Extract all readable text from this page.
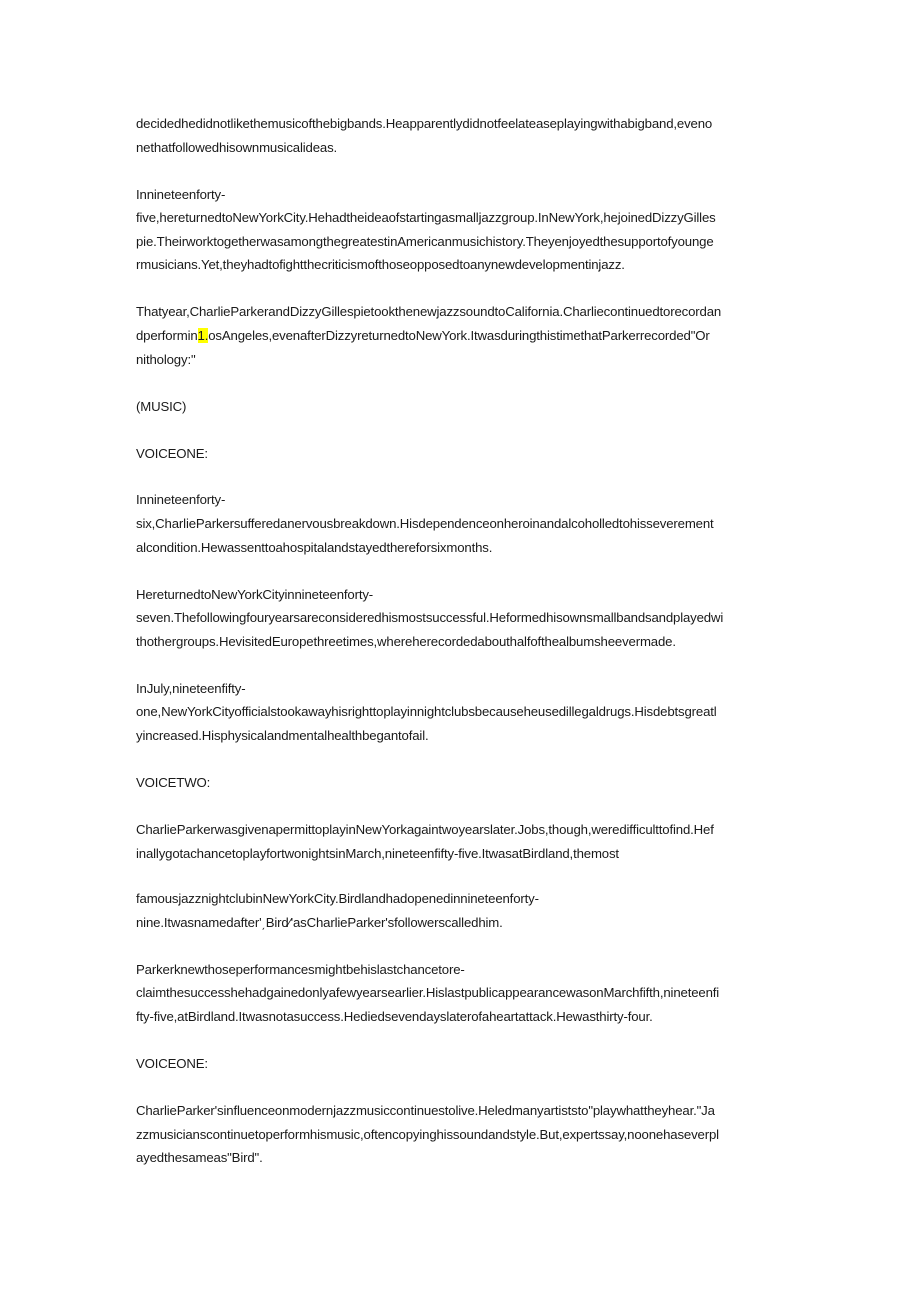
decidedhedidnotlikethemusicofthebigbands.Heapparentlydidnotfeelateaseplayingwithabigband,eveno
nethatfollowedhisownmusicalideas.

Innineteenforty-
five,hereturnedtoNewYorkCity.Hehadtheideaofstartingasmalljazzgroup.InNewYork,hejoinedDizzyGilles
pie.TheirworktogetherwasamongthegreatestinAmericanmusichistory.Theyenjoyedthesupportofyounge
rmusicians.Yet,theyhadtofightthecriticismofthoseopposedtoanynewdevelopmentinjazz.

Thatyear,CharlieParkerandDizzyGillespietookthenewjazzsoundtoCalifornia.Charliecontinuedtorecordan
dperformin1.osAngeles,evenafterDizzyreturnedtoNewYork.ItwasduringthistimethatParkerrecorded"Or
nithology:"

(MUSIC)

VOICEONE:

Innineteenforty-
six,CharlieParkersufferedanervousbreakdown.Hisdependenceonheroinandalcoholledtohisseverement
alcondition.Hewassenttoahospitalandstayedthereforsixmonths.

HereturnedtoNewYorkCityinnineteenforty-
seven.Thefollowingfouryearsareconsideredhismostsuccessful.Heformedhisownsmallbandsandplayedwi
thothergroups.HevisitedEuropethreetimes,whereherecordedabouthalfofthealbumsheevermade.

InJuly,nineteenfifty-
one,NewYorkCityofficialstookawayhisrighttoplayinnightclubsbecauseheusedillegaldrugs.Hisdebtsgreatl
yincreased.Hisphysicalandmentalhealthbegantofail.

VOICETWO:

CharlieParkerwasgivenapermittoplayinNewYorkagaintwoyearslater.Jobs,though,weredifficulttofind.Hef
inallygotachancetoplayfortwonightsinMarch,nineteenfifty-five.ItwasatBirdland,themost

famousjazznightclubinNewYorkCity.Birdlandhadopenedinnineteenforty-
nine.Itwasnamedafter'͵Bird⁄'asCharlieParker'sfollowerscalledhim.

Parkerknewthoseperformancesmightbehislastchancetore-
claimthesuccesshehadgainedonlyafewyearsearlier.HislastpublicappearancewasonMarchfifth,nineteenfi
fty-five,atBirdland.Itwasnotasuccess.Hediedsevendayslaterofaheartattack.Hewasthirty-four.

VOICEONE:

CharlieParker'sinfluenceonmodernjazzmusiccontinuestolive.Heledmanyartiststo"playwhattheyhear."Ja
zzmusicianscontinuetoperformhismusic,oftencopyinghissoundandstyle.But,expertssay,noonehaseverpl
ayedthesameas"Bird".
